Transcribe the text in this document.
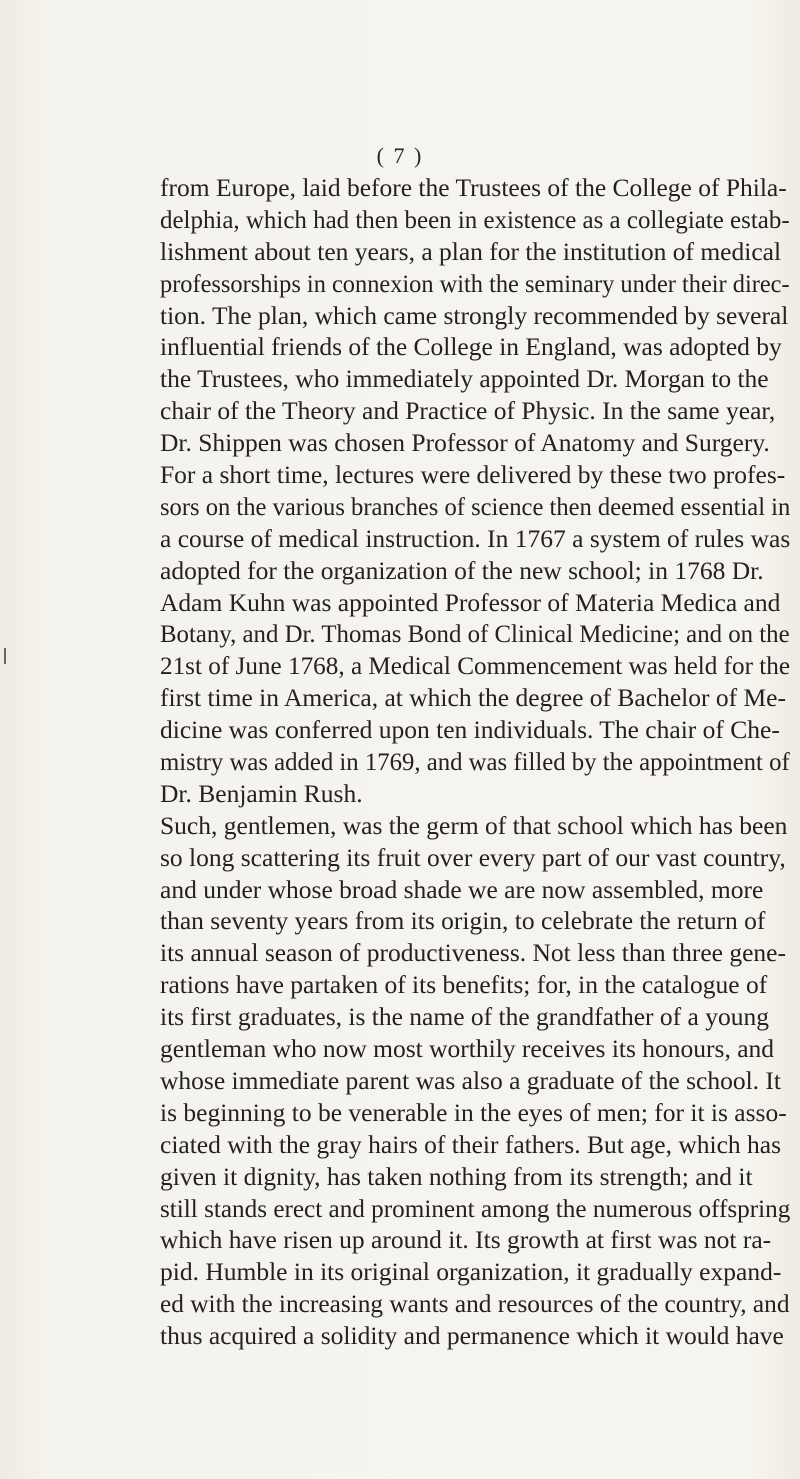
( 7 )
from Europe, laid before the Trustees of the College of Phila-
delphia, which had then been in existence as a collegiate estab-
lishment about ten years, a plan for the institution of medical
professorships in connexion with the seminary under their direc-
tion. The plan, which came strongly recommended by several
influential friends of the College in England, was adopted by
the Trustees, who immediately appointed Dr. Morgan to the
chair of the Theory and Practice of Physic. In the same year,
Dr. Shippen was chosen Professor of Anatomy and Surgery.
For a short time, lectures were delivered by these two profes-
sors on the various branches of science then deemed essential in
a course of medical instruction. In 1767 a system of rules was
adopted for the organization of the new school; in 1768 Dr.
Adam Kuhn was appointed Professor of Materia Medica and
Botany, and Dr. Thomas Bond of Clinical Medicine; and on the
21st of June 1768, a Medical Commencement was held for the
first time in America, at which the degree of Bachelor of Me-
dicine was conferred upon ten individuals. The chair of Che-
mistry was added in 1769, and was filled by the appointment of
Dr. Benjamin Rush.
Such, gentlemen, was the germ of that school which has been
so long scattering its fruit over every part of our vast country,
and under whose broad shade we are now assembled, more
than seventy years from its origin, to celebrate the return of
its annual season of productiveness. Not less than three gene-
rations have partaken of its benefits; for, in the catalogue of
its first graduates, is the name of the grandfather of a young
gentleman who now most worthily receives its honours, and
whose immediate parent was also a graduate of the school. It
is beginning to be venerable in the eyes of men; for it is asso-
ciated with the gray hairs of their fathers. But age, which has
given it dignity, has taken nothing from its strength; and it
still stands erect and prominent among the numerous offspring
which have risen up around it. Its growth at first was not ra-
pid. Humble in its original organization, it gradually expand-
ed with the increasing wants and resources of the country, and
thus acquired a solidity and permanence which it would have
